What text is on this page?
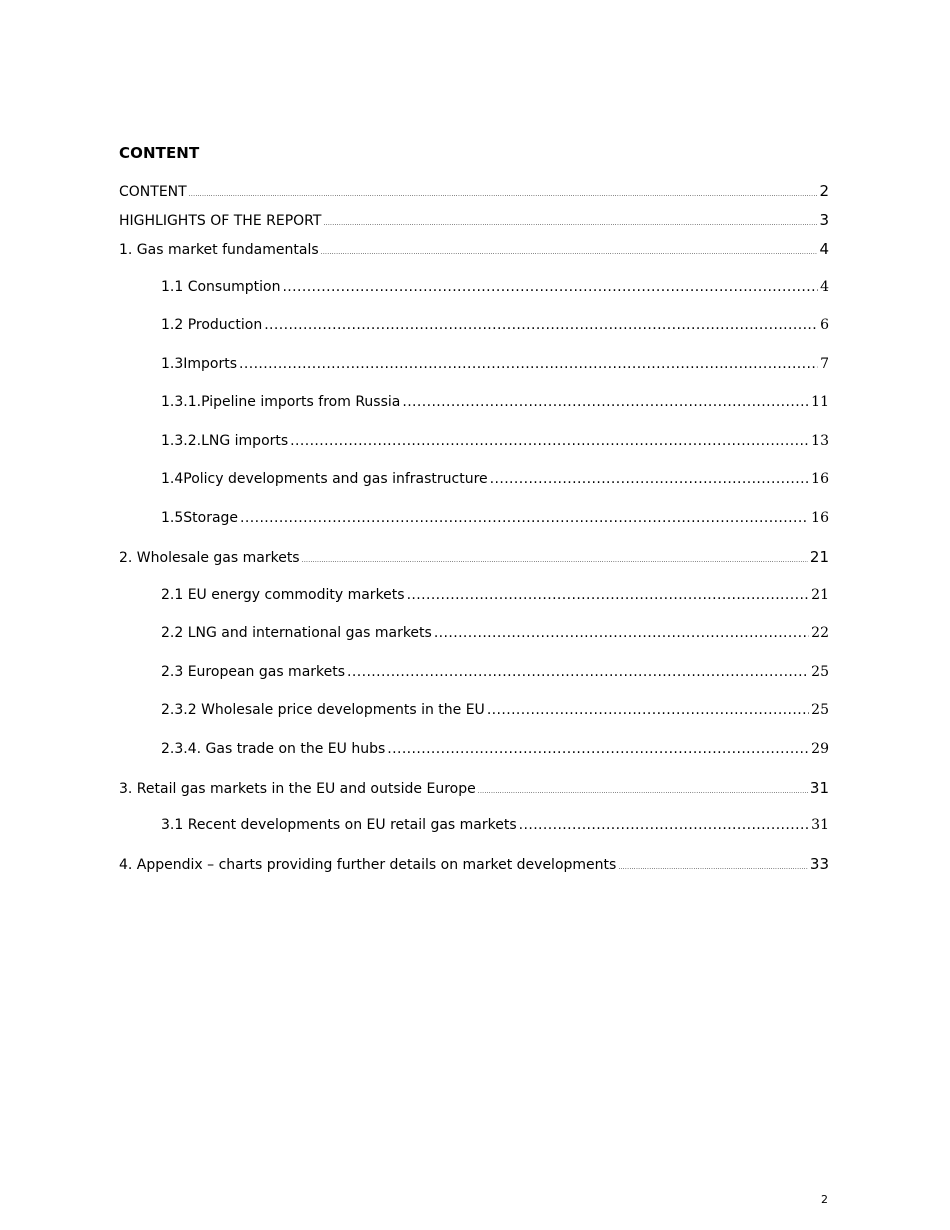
CONTENT
CONTENT .....	2
HIGHLIGHTS OF THE REPORT .....	3
1. Gas market fundamentals .....	4
1.1 Consumption .....	4
1.2 Production .....	6
1.3 Imports .....	7
1.3.1. Pipeline imports from Russia .....	11
1.3.2. LNG imports .....	13
1.4 Policy developments and gas infrastructure .....	16
1.5 Storage .....	16
2. Wholesale gas markets .....	21
2.1 EU energy commodity markets .....	21
2.2 LNG and international gas markets .....	22
2.3 European gas markets .....	25
2.3.2 Wholesale price developments in the EU .....	25
2.3.4. Gas trade on the EU hubs .....	29
3. Retail gas markets in the EU and outside Europe .....	31
3.1 Recent developments on EU retail gas markets .....	31
4. Appendix – charts providing further details on market developments .....	33
2
